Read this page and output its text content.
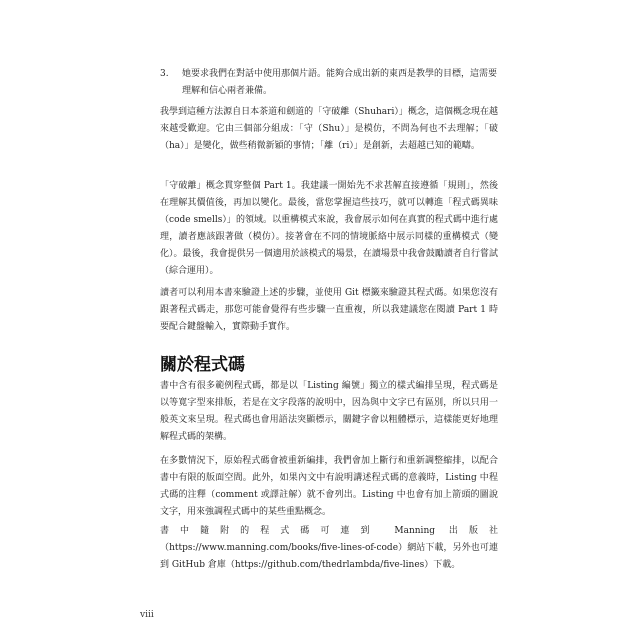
3. 她要求我們在對話中使用那個片語。能夠合成出新的東西是教學的目標，這需要理解和信心兩者兼備。
我學到這種方法源自日本茶道和劍道的「守破離（Shuhari）」概念，這個概念現在越來越受歡迎。它由三個部分組成：「守（Shu）」是模仿，不問為何也不去理解；「破（ha）」是變化，做些稍微新穎的事情；「離（ri）」是創新，去超越已知的範疇。
「守破離」概念貫穿整個 Part 1。我建議一開始先不求甚解直接遵循「規則」，然後在理解其價值後，再加以變化。最後，當您掌握這些技巧，就可以轉進「程式碼異味（code smells）」的領域。以重構模式來說，我會展示如何在真實的程式碼中進行處理，讀者應該跟著做（模仿）。接著會在不同的情境脈絡中展示同樣的重構模式（變化）。最後，我會提供另一個適用於該模式的場景，在讀場景中我會鼓勵讀者自行嘗試（綜合運用）。
讀者可以利用本書來驗證上述的步驟，並使用 Git 標籤來驗證其程式碼。如果您沒有跟著程式碼走，那您可能會覺得有些步驟一直重複，所以我建議您在閱讀 Part 1 時要配合鍵盤輸入，實際動手實作。
關於程式碼
書中含有很多範例程式碼，都是以「Listing 編號」獨立的樣式編排呈現，程式碼是以等寬字型來排版，若是在文字段落的說明中，因為與中文字已有區別，所以只用一般英文來呈現。程式碼也會用語法突顯標示，關鍵字會以粗體標示，這樣能更好地理解程式碼的架構。
在多數情況下，原始程式碼會被重新編排，我們會加上斷行和重新調整縮排，以配合書中有限的版面空間。此外，如果內文中有說明講述程式碼的意義時，Listing 中程式碼的注釋（comment 或譯註解）就不會列出。Listing 中也會有加上箭頭的圖說文字，用來強調程式碼中的某些重點概念。
書中隨附的程式碼可連到 Manning 出版社（https://www.manning.com/books/five-lines-of-code）網站下載，另外也可連到 GitHub 倉庫（https://github.com/thedrlambda/five-lines）下載。
viii
